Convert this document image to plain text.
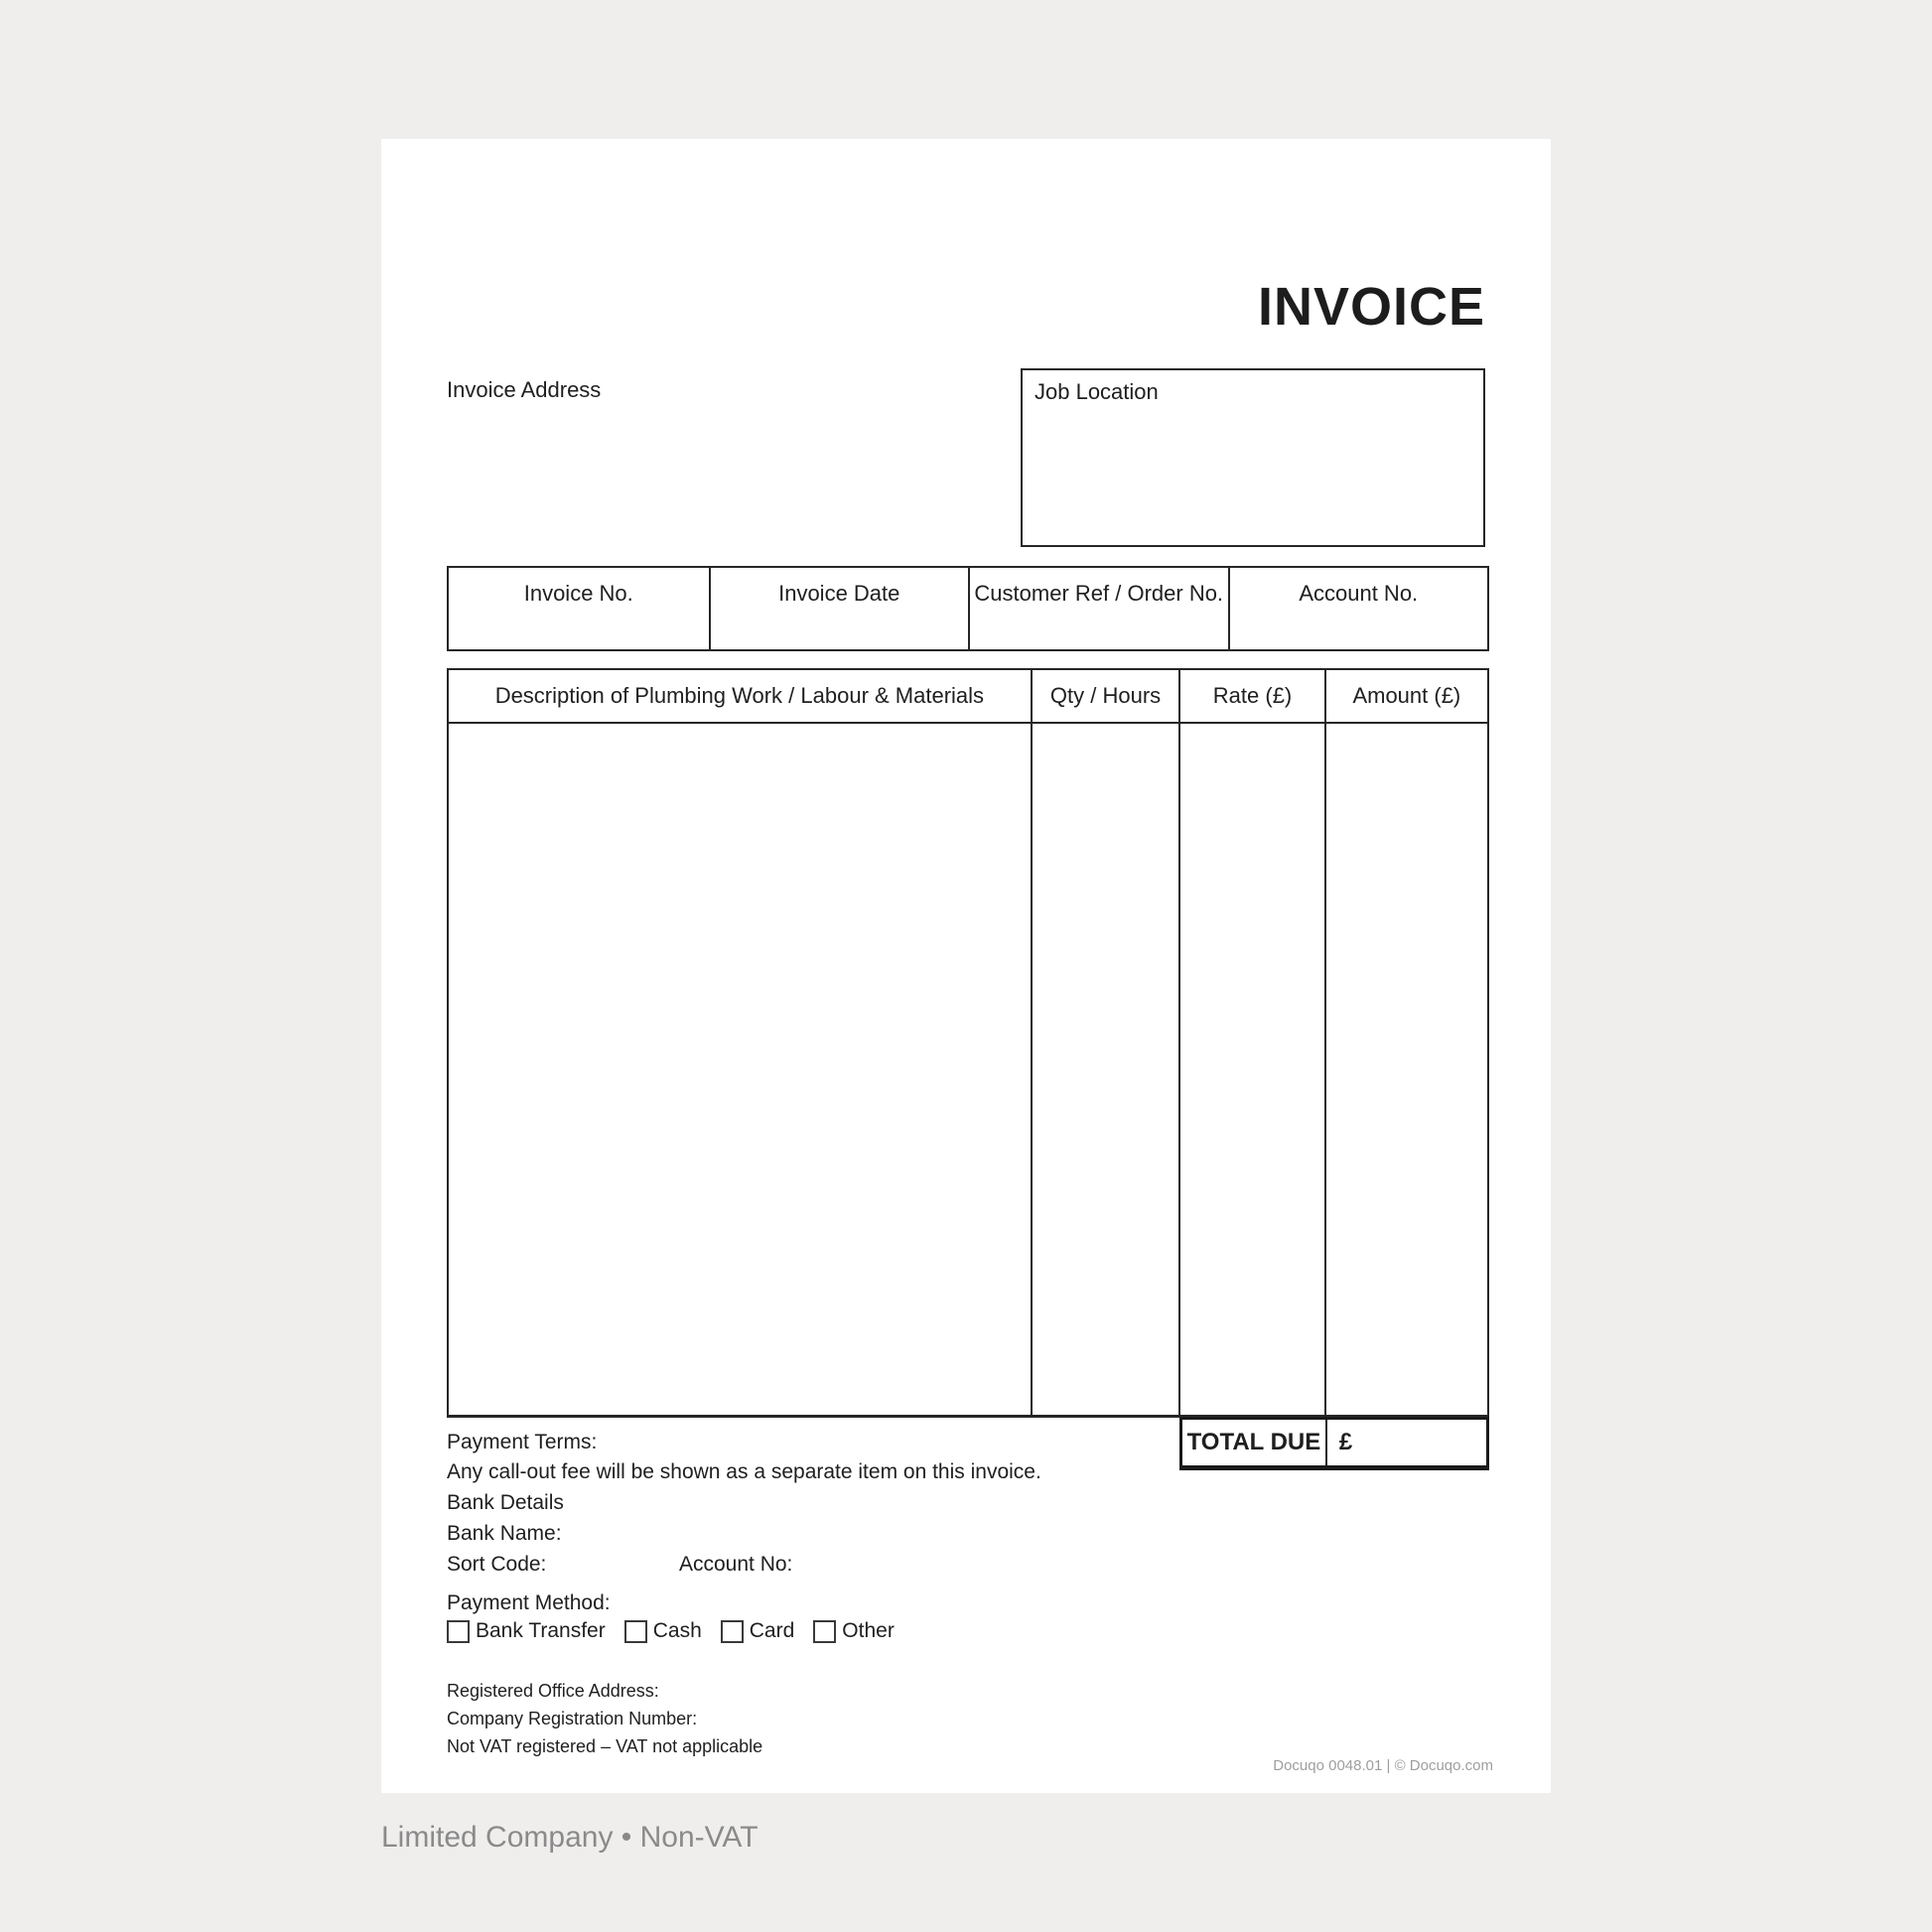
INVOICE
Invoice Address	Job Location
Invoice No.	Invoice Date	Customer Ref / Order No.	Account No.
Description of Plumbing Work / Labour & Materials	Qty / Hours	Rate (£)	Amount (£)
TOTAL DUE £
Payment Terms:
Any call-out fee will be shown as a separate item on this invoice.
Bank Details
Bank Name:
Sort Code:	Account No:
Payment Method:
Bank Transfer Cash Card Other
Registered Office Address:
Company Registration Number:
Not VAT registered – VAT not applicable
Docuqo 0048.01 | © Docuqo.com
Limited Company • Non-VAT
